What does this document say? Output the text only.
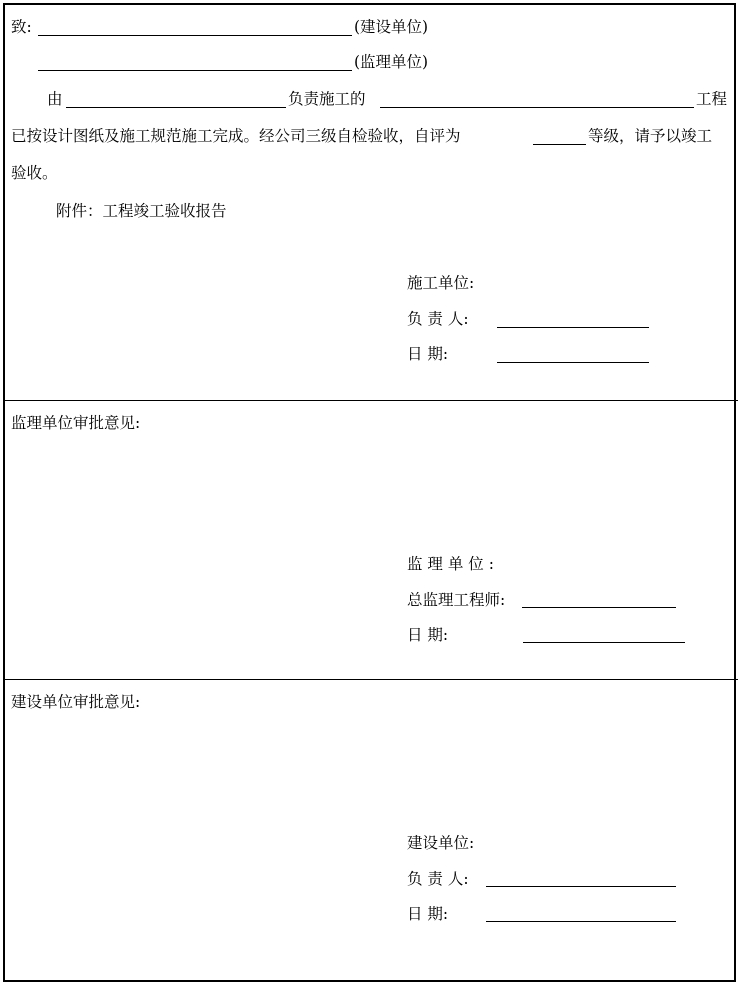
致:	(建设单位)
(监理单位)
由	负责施工的	工程
已按设计图纸及施工规范施工完成。经公司三级自检验收，自评为	等级，请予以竣工
验收。
附件：工程竣工验收报告
施工单位:
负 责 人:
日 期:
监理单位审批意见:
监 理 单 位 :
总监理工程师:
日 期:
建设单位审批意见:
建设单位:
负 责 人:
日 期:
